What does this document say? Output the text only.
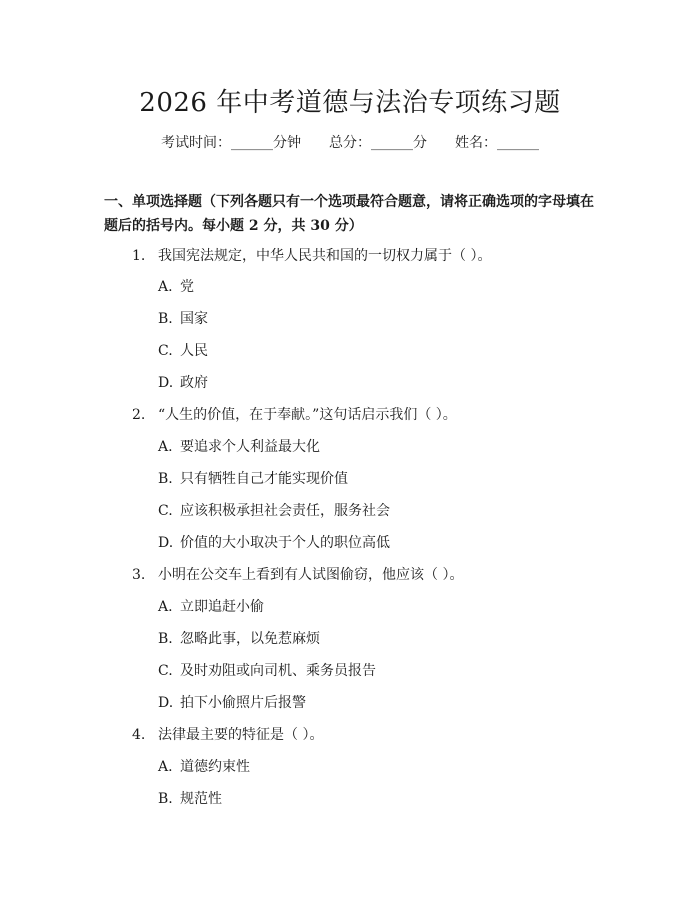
2026 年中考道德与法治专项练习题
考试时间：______分钟 总分：______分 姓名：______
一、单项选择题（下列各题只有一个选项最符合题意，请将正确选项的字母填在题后的括号内。每小题 2 分，共 30 分）
1. 我国宪法规定，中华人民共和国的一切权力属于（ ）。
A. 党
B. 国家
C. 人民
D. 政府
2. “人生的价值，在于奉献。”这句话启示我们（ ）。
A. 要追求个人利益最大化
B. 只有牺牲自己才能实现价值
C. 应该积极承担社会责任，服务社会
D. 价值的大小取决于个人的职位高低
3. 小明在公交车上看到有人试图偷窃，他应该（ ）。
A. 立即追赶小偷
B. 忽略此事，以免惹麻烦
C. 及时劝阻或向司机、乘务员报告
D. 拍下小偷照片后报警
4. 法律最主要的特征是（ ）。
A. 道德约束性
B. 规范性
